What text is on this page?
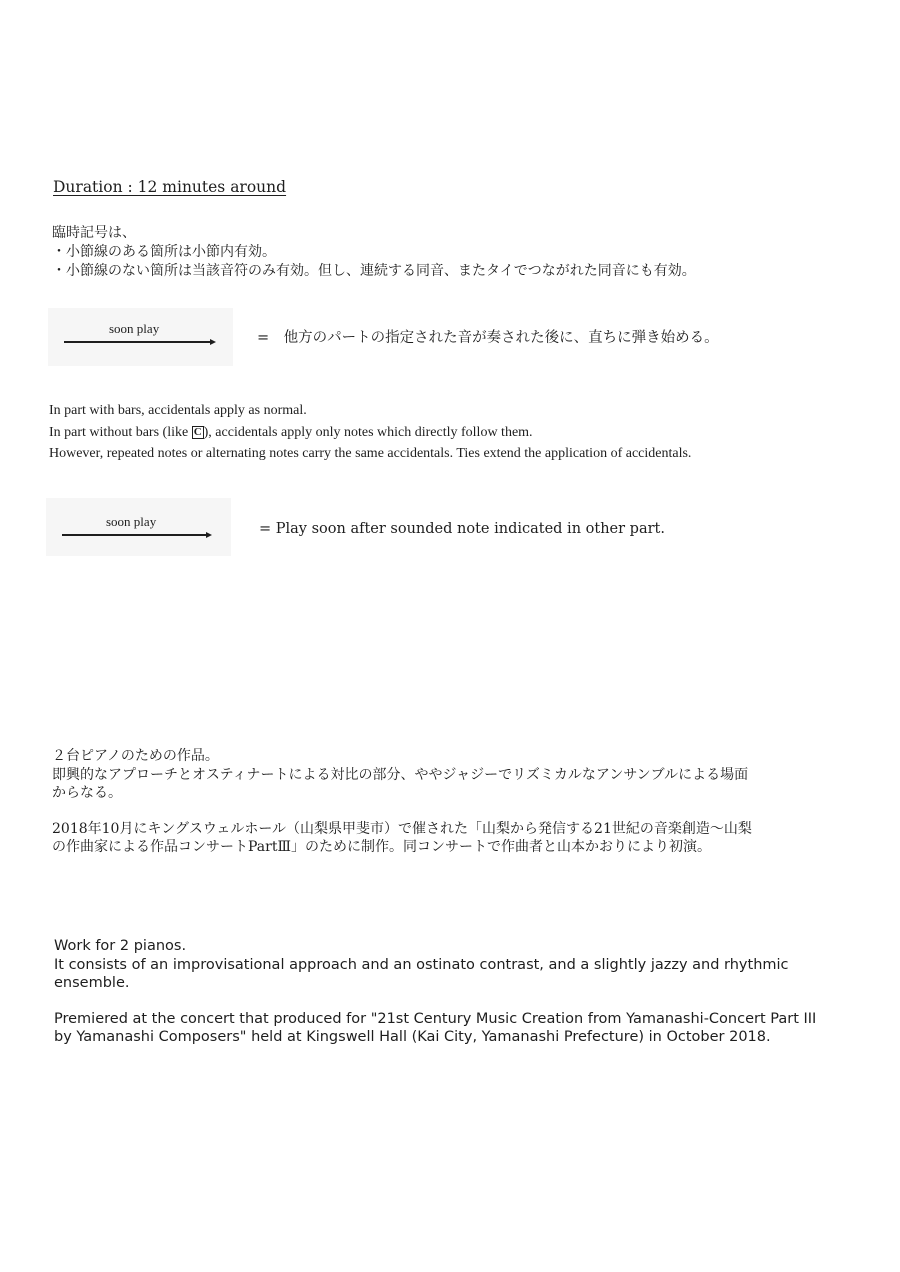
Duration : 12 minutes around
臨時記号は、
・小節線のある箇所は小節内有効。
・小節線のない箇所は当該音符のみ有効。但し、連続する同音、またタイでつながれた同音にも有効。
soon play
=　他方のパートの指定された音が奏された後に、直ちに弾き始める。
In part with bars, accidentals apply as normal.
In part without bars (like C ), accidentals apply only notes which directly follow them.
However, repeated notes or alternating notes carry the same accidentals. Ties extend the application of accidentals.
soon play	= Play soon after sounded note indicated in other part.
２台ピアノのための作品。
即興的なアプローチとオスティナートによる対比の部分、ややジャジーでリズミカルなアンサンブルによる場面
からなる。
2018年10月にキングスウェルホール（山梨県甲斐市）で催された「山梨から発信する21世紀の音楽創造〜山梨
の作曲家による作品コンサートPartⅢ」のために制作。同コンサートで作曲者と山本かおりにより初演。
Work for 2 pianos.
It consists of an improvisational approach and an ostinato contrast, and a slightly jazzy and rhythmic
ensemble.
Premiered at the concert that produced for "21st Century Music Creation from Yamanashi-Concert Part III
by Yamanashi Composers" held at Kingswell Hall (Kai City, Yamanashi Prefecture) in October 2018.
